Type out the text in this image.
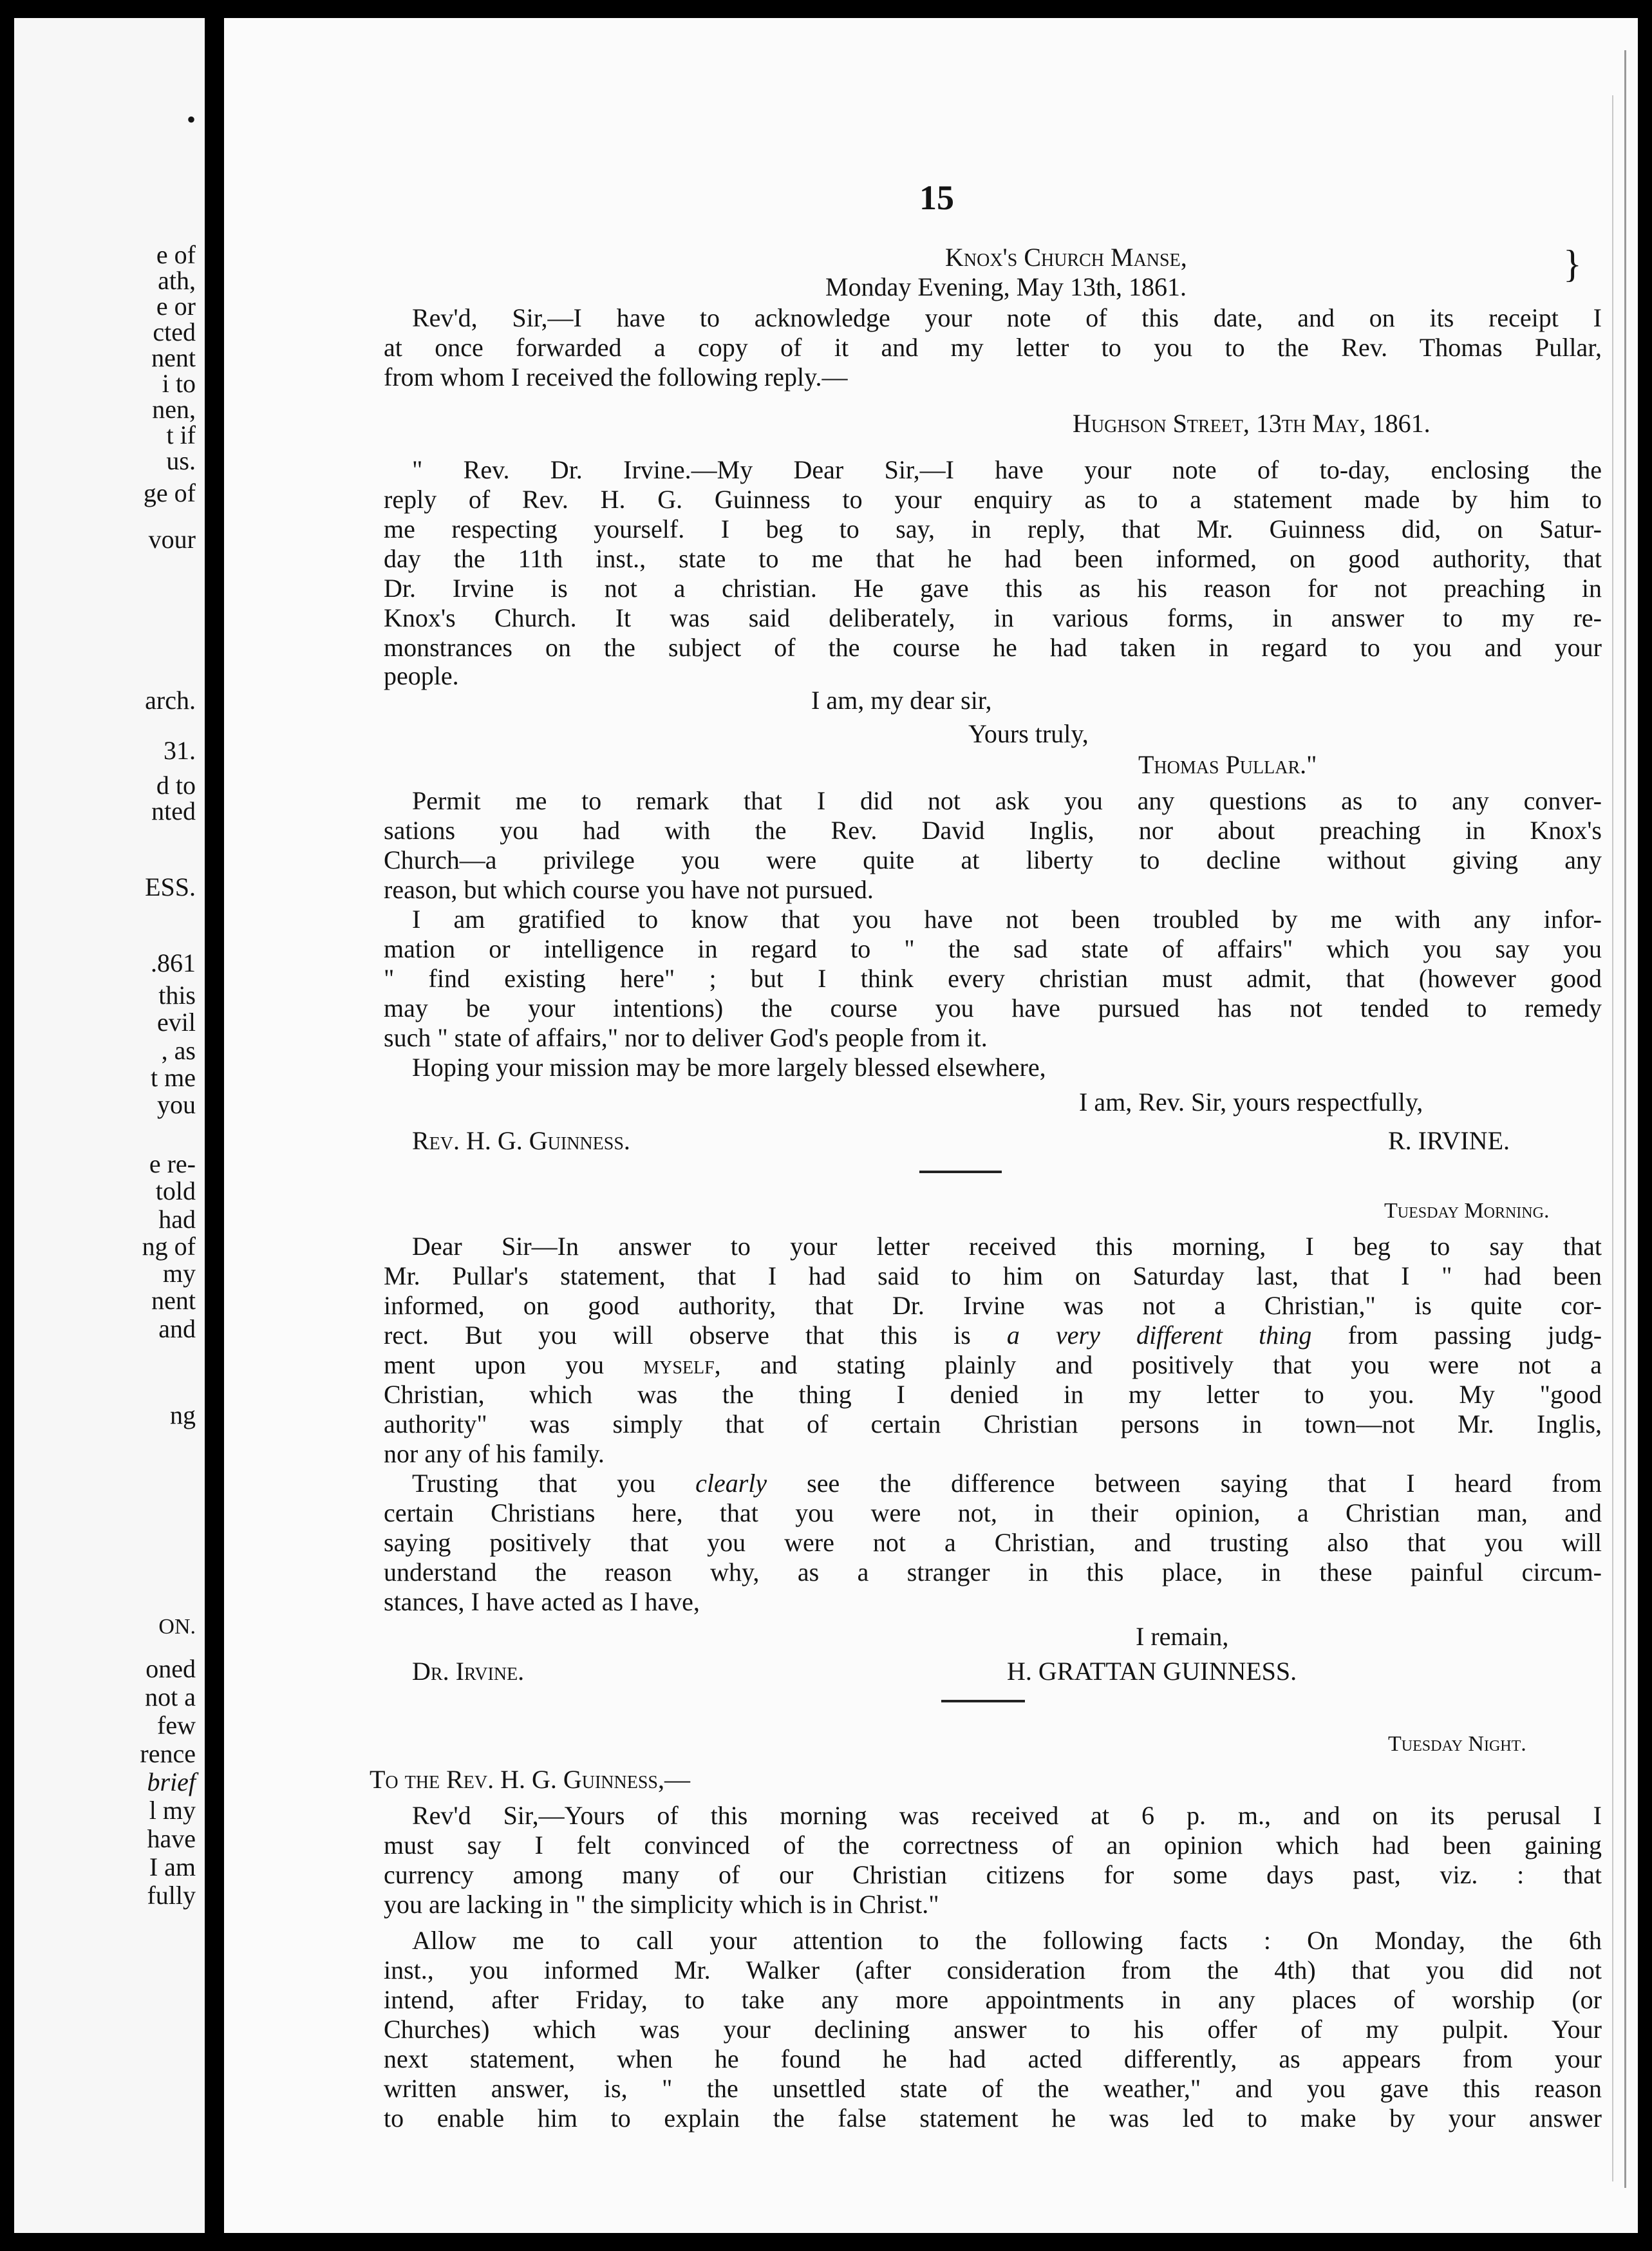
•
e of
ath,
e or
cted
nent
i to
nen,
t if
us.
ge of
vour
arch.
31.
d to
nted
ESS.
.861
this
evil
, as
t me
you
e re-
told
had
ng of
my
nent
and
ng
ON.
oned
not a
few
rence
brief
l my
have
I am
fully
15
Knox's Church Manse,
Monday Evening, May 13th, 1861.
}
Rev'd, Sir,—I have to acknowledge your note of this date, and on its receipt I
at once forwarded a copy of it and my letter to you to the Rev. Thomas Pullar,
from whom I received the following reply.—
Hughson Street, 13th May, 1861.
" Rev. Dr. Irvine.—My Dear Sir,—I have your note of to-day, enclosing the
reply of Rev. H. G. Guinness to your enquiry as to a statement made by him to
me respecting yourself. I beg to say, in reply, that Mr. Guinness did, on Satur-
day the 11th inst., state to me that he had been informed, on good authority, that
Dr. Irvine is not a christian. He gave this as his reason for not preaching in
Knox's Church. It was said deliberately, in various forms, in answer to my re-
monstrances on the subject of the course he had taken in regard to you and your
people.
I am, my dear sir,
Yours truly,
Thomas Pullar."
Permit me to remark that I did not ask you any questions as to any conver-
sations you had with the Rev. David Inglis, nor about preaching in Knox's
Church—a privilege you were quite at liberty to decline without giving any
reason, but which course you have not pursued.
I am gratified to know that you have not been troubled by me with any infor-
mation or intelligence in regard to " the sad state of affairs" which you say you
" find existing here" ; but I think every christian must admit, that (however good
may be your intentions) the course you have pursued has not tended to remedy
such " state of affairs," nor to deliver God's people from it.
Hoping your mission may be more largely blessed elsewhere,
I am, Rev. Sir, yours respectfully,
Rev. H. G. Guinness.	R. IRVINE.
Tuesday Morning.
Dear Sir—In answer to your letter received this morning, I beg to say that
Mr. Pullar's statement, that I had said to him on Saturday last, that I " had been
informed, on good authority, that Dr. Irvine was not a Christian," is quite cor-
rect. But you will observe that this is a very different thing from passing judg-
ment upon you myself, and stating plainly and positively that you were not a
Christian, which was the thing I denied in my letter to you. My "good
authority" was simply that of certain Christian persons in town—not Mr. Inglis,
nor any of his family.
Trusting that you clearly see the difference between saying that I heard from
certain Christians here, that you were not, in their opinion, a Christian man, and
saying positively that you were not a Christian, and trusting also that you will
understand the reason why, as a stranger in this place, in these painful circum-
stances, I have acted as I have,
I remain,
Dr. Irvine.	H. GRATTAN GUINNESS.
Tuesday Night.
To the Rev. H. G. Guinness,—
Rev'd Sir,—Yours of this morning was received at 6 p. m., and on its perusal I
must say I felt convinced of the correctness of an opinion which had been gaining
currency among many of our Christian citizens for some days past, viz. : that
you are lacking in " the simplicity which is in Christ."
Allow me to call your attention to the following facts : On Monday, the 6th
inst., you informed Mr. Walker (after consideration from the 4th) that you did not
intend, after Friday, to take any more appointments in any places of worship (or
Churches) which was your declining answer to his offer of my pulpit. Your
next statement, when he found he had acted differently, as appears from your
written answer, is, " the unsettled state of the weather," and you gave this reason
to enable him to explain the false statement he was led to make by your answer
